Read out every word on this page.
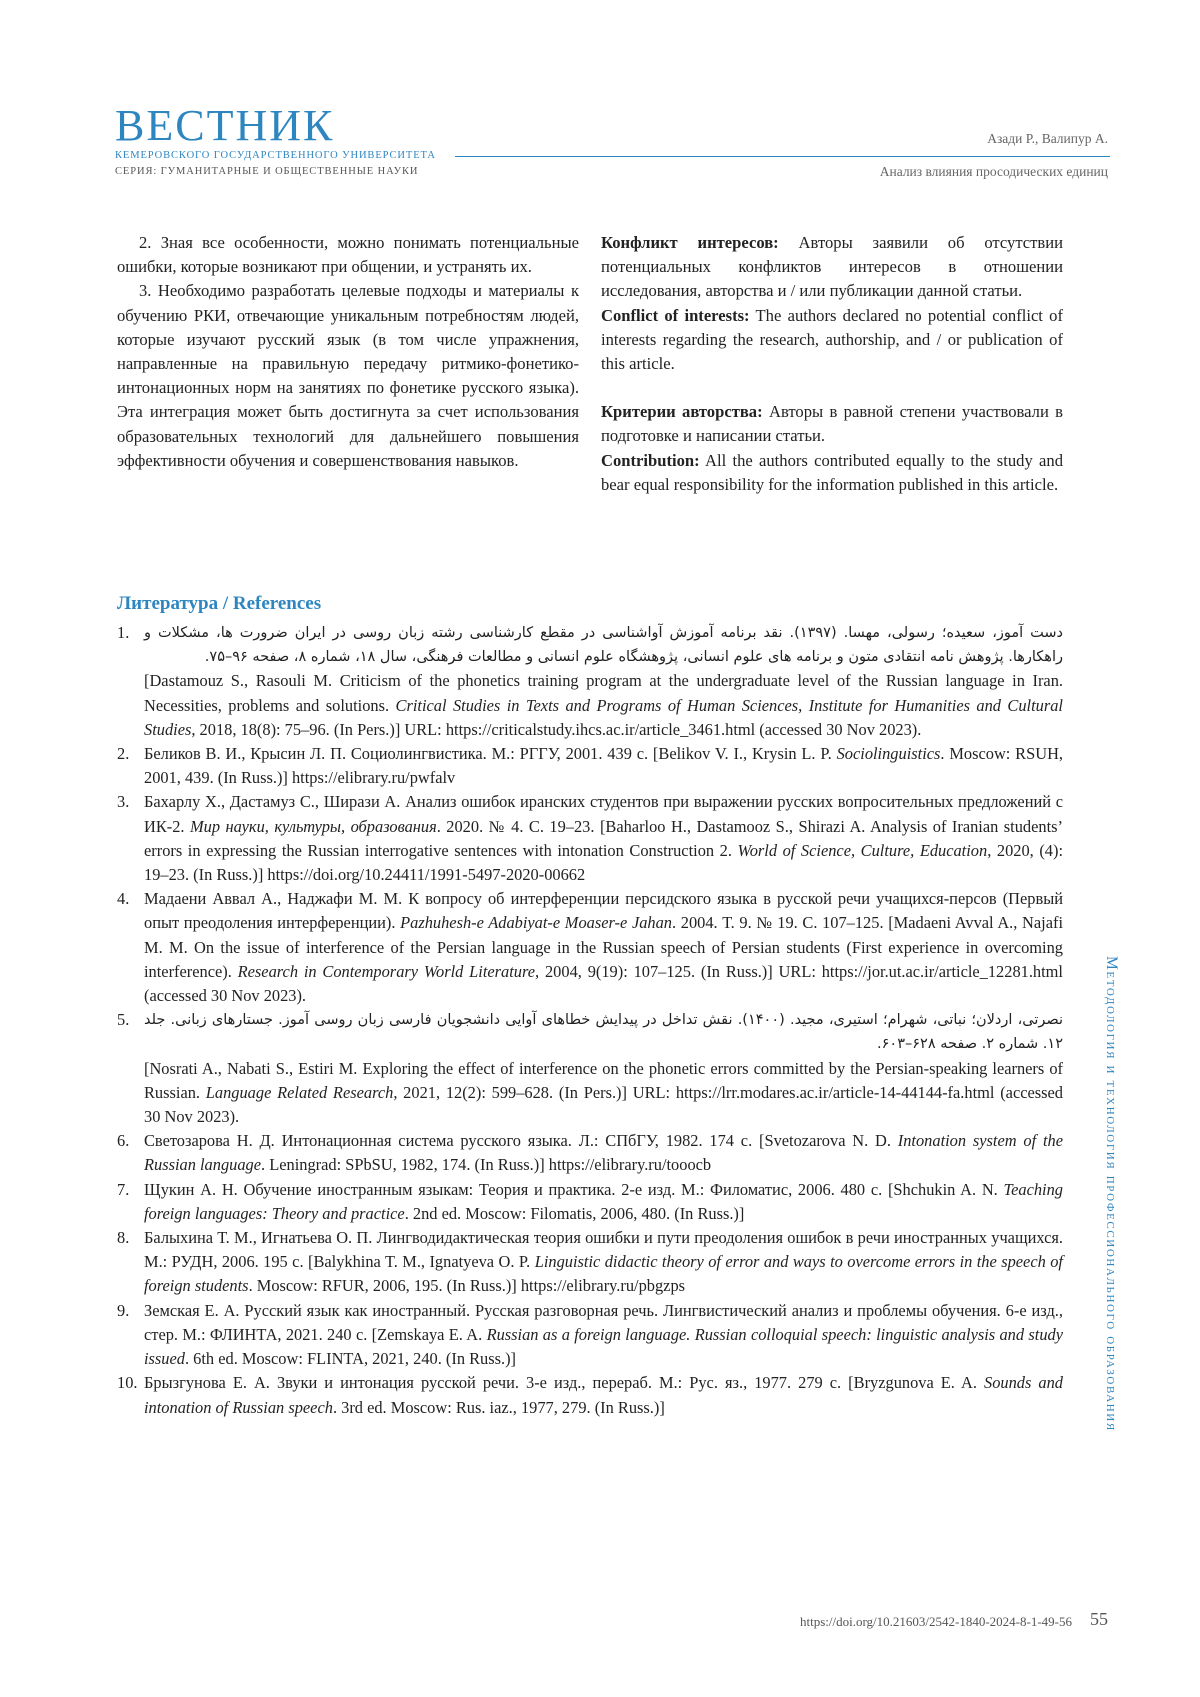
ВЕСТНИК
КЕМЕРОВСКОГО ГОСУДАРСТВЕННОГО УНИВЕРСИТЕТА
СЕРИЯ: ГУМАНИТАРНЫЕ И ОБЩЕСТВЕННЫЕ НАУКИ
Азади Р., Валипур А.
Анализ влияния просодических единиц

2. Зная все особенности, можно понимать потенциальные ошибки, которые возникают при общении, и устранять их.

3. Необходимо разработать целевые подходы и материалы к обучению РКИ, отвечающие уникальным потребностям людей, которые изучают русский язык (в том числе упражнения, направленные на правильную передачу ритмико-фонетико-интонационных норм на занятиях по фонетике русского языка). Эта интеграция может быть достигнута за счет использования образовательных технологий для дальнейшего повышения эффективности обучения и совершенствования навыков.

Конфликт интересов: Авторы заявили об отсутствии потенциальных конфликтов интересов в отношении исследования, авторства и / или публикации данной статьи.

Conflict of interests: The authors declared no potential conflict of interests regarding the research, authorship, and / or publication of this article.

Критерии авторства: Авторы в равной степени участвовали в подготовке и написании статьи.

Contribution: All the authors contributed equally to the study and bear equal responsibility for the information published in this article.

Литература / References
1. دست آموز، سعیده؛ رسولی، مهسا. (۱۳۹۷). نقد برنامه آموزش آواشناسی در مقطع کارشناسی رشته زبان روسی در ایران ضرورت ها، مشکلات و راهکارها. پژوهش نامه انتقادی متون و برنامه های علوم انسانی، پژوهشگاه علوم انسانی و مطالعات فرهنگی، سال ۱۸، شماره ۸، صفحه ۹۶–۷۵.
[Dastamouz S., Rasouli M. Criticism of the phonetics training program at the undergraduate level of the Russian language in Iran. Necessities, problems and solutions. Critical Studies in Texts and Programs of Human Sciences, Institute for Humanities and Cultural Studies, 2018, 18(8): 75–96. (In Pers.)] URL: https://criticalstudy.ihcs.ac.ir/article_3461.html (accessed 30 Nov 2023).
2. Беликов В. И., Крысин Л. П. Социолингвистика. М.: РГГУ, 2001. 439 с. [Belikov V. I., Krysin L. P. Sociolinguistics. Moscow: RSUH, 2001, 439. (In Russ.)] https://elibrary.ru/pwfalv
3. Бахарлу Х., Дастамуз С., Ширази А. Анализ ошибок иранских студентов при выражении русских вопросительных предложений с ИК-2. Мир науки, культуры, образования. 2020. № 4. С. 19–23. [Baharloo H., Dastamooz S., Shirazi A. Analysis of Iranian students’ errors in expressing the Russian interrogative sentences with intonation Construction 2. World of Science, Culture, Education, 2020, (4): 19–23. (In Russ.)] https://doi.org/10.24411/1991-5497-2020-00662
4. Мадаени Аввал А., Наджафи М. М. К вопросу об интерференции персидского языка в русской речи учащихся-персов (Первый опыт преодоления интерференции). Pazhuhesh-e Adabiyat-e Moaser-e Jahan. 2004. Т. 9. № 19. С. 107–125. [Madaeni Avval A., Najafi M. M. On the issue of interference of the Persian language in the Russian speech of Persian students (First experience in overcoming interference). Research in Contemporary World Literature, 2004, 9(19): 107–125. (In Russ.)] URL: https://jor.ut.ac.ir/article_12281.html (accessed 30 Nov 2023).
5. نصرتی، اردلان؛ نباتی، شهرام؛ استیری، مجید. (۱۴۰۰). نقش تداخل در پیدایش خطاهای آوایی دانشجویان فارسی زبان روسی آموز. جستارهای زبانی. جلد ۱۲. شماره ۲. صفحه ۶۲۸–۶۰۳.
[Nosrati A., Nabati S., Estiri M. Exploring the effect of interference on the phonetic errors committed by the Persian-speaking learners of Russian. Language Related Research, 2021, 12(2): 599–628. (In Pers.)] URL: https://lrr.modares.ac.ir/article-14-44144-fa.html (accessed 30 Nov 2023).
6. Светозарова Н. Д. Интонационная система русского языка. Л.: СПбГУ, 1982. 174 с. [Svetozarova N. D. Intonation system of the Russian language. Leningrad: SPbSU, 1982, 174. (In Russ.)] https://elibrary.ru/tooocb
7. Щукин А. Н. Обучение иностранным языкам: Теория и практика. 2-е изд. М.: Филоматис, 2006. 480 с. [Shchukin A. N. Teaching foreign languages: Theory and practice. 2nd ed. Moscow: Filomatis, 2006, 480. (In Russ.)]
8. Балыхина Т. М., Игнатьева О. П. Лингводидактическая теория ошибки и пути преодоления ошибок в речи иностранных учащихся. М.: РУДН, 2006. 195 с. [Balykhina T. M., Ignatyeva O. P. Linguistic didactic theory of error and ways to overcome errors in the speech of foreign students. Moscow: RFUR, 2006, 195. (In Russ.)] https://elibrary.ru/pbgzps
9. Земская Е. А. Русский язык как иностранный. Русская разговорная речь. Лингвистический анализ и проблемы обучения. 6-е изд., стер. М.: ФЛИНТА, 2021. 240 с. [Zemskaya E. A. Russian as a foreign language. Russian colloquial speech: linguistic analysis and study issued. 6th ed. Moscow: FLINTA, 2021, 240. (In Russ.)]
10. Брызгунова Е. А. Звуки и интонация русской речи. 3-е изд., перераб. М.: Рус. яз., 1977. 279 с. [Bryzgunova E. A. Sounds and intonation of Russian speech. 3rd ed. Moscow: Rus. iaz., 1977, 279. (In Russ.)]	Методология и технология профессионального образования
https://doi.org/10.21603/2542-1840-2024-8-1-49-56 55
